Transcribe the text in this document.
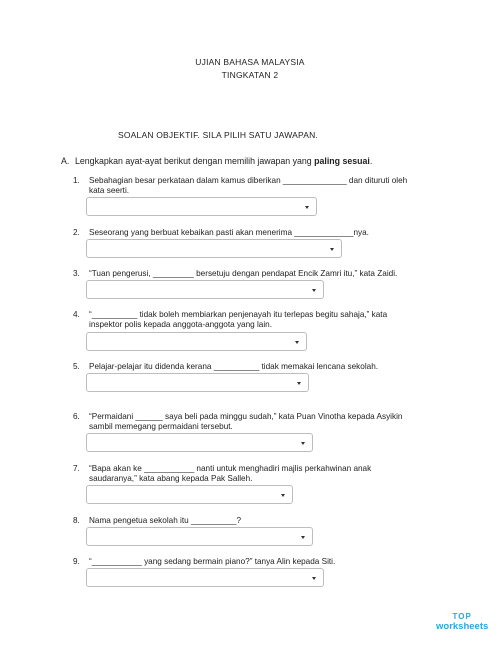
UJIAN BAHASA MALAYSIA
TINGKATAN 2
SOALAN OBJEKTIF. SILA PILIH SATU JAWAPAN.
A. Lengkapkan ayat-ayat berikut dengan memilih jawapan yang paling sesuai.
1.	Sebahagian besar perkataan dalam kamus diberikan ______________ dan dituruti oleh kata seerti.
2.	Seseorang yang berbuat kebaikan pasti akan menerima _____________nya.
3.	“Tuan pengerusi, _________ bersetuju dengan pendapat Encik Zamri itu,” kata Zaidi.
4.	“__________ tidak boleh membiarkan penjenayah itu terlepas begitu sahaja,” kata inspektor polis kepada anggota-anggota yang lain.
5.	Pelajar-pelajar itu didenda kerana __________ tidak memakai lencana sekolah.
6.	“Permaidani ______ saya beli pada minggu sudah,” kata Puan Vinotha kepada Asyikin sambil memegang permaidani tersebut.
7.	“Bapa akan ke ___________ nanti untuk menghadiri majlis perkahwinan anak saudaranya,” kata abang kepada Pak Salleh.
8.	Nama pengetua sekolah itu __________?
9.	“___________ yang sedang bermain piano?” tanya Alin kepada Siti.
TOP
worksheets
